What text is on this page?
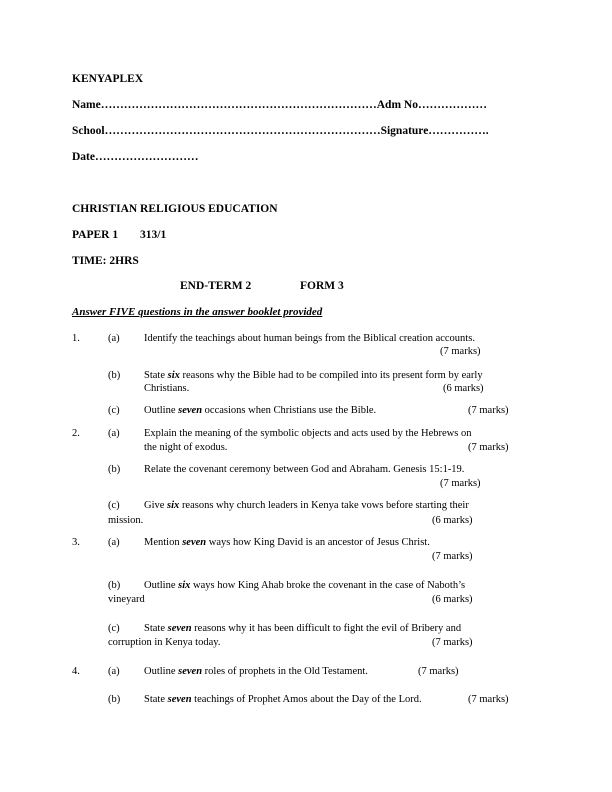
KENYAPLEX
Name………………………………………………………………Adm No………………
School………………………………………………………………Signature…………….
Date………………………
CHRISTIAN RELIGIOUS EDUCATION
PAPER 1 313/1
TIME: 2HRS
END-TERM 2	FORM 3
Answer FIVE questions in the answer booklet provided
1.	(a) Identify the teachings about human beings from the Biblical creation accounts.
(7 marks)
(b) State six reasons why the Bible had to be compiled into its present form by early
Christians.	(6 marks)
(c) Outline seven occasions when Christians use the Bible.	(7 marks)
2.	(a) Explain the meaning of the symbolic objects and acts used by the Hebrews on
the night of exodus.	(7 marks)
(b) Relate the covenant ceremony between God and Abraham. Genesis 15:1-19.
(7 marks)
(c) Give six reasons why church leaders in Kenya take vows before starting their
mission.	(6 marks)
3.	(a) Mention seven ways how King David is an ancestor of Jesus Christ.
(7 marks)
(b) Outline six ways how King Ahab broke the covenant in the case of Naboth’s
vineyard	(6 marks)
(c) State seven reasons why it has been difficult to fight the evil of Bribery and
corruption in Kenya today.	(7 marks)
4.	(a) Outline seven roles of prophets in the Old Testament.	(7 marks)
(b) State seven teachings of Prophet Amos about the Day of the Lord.	(7 marks)
